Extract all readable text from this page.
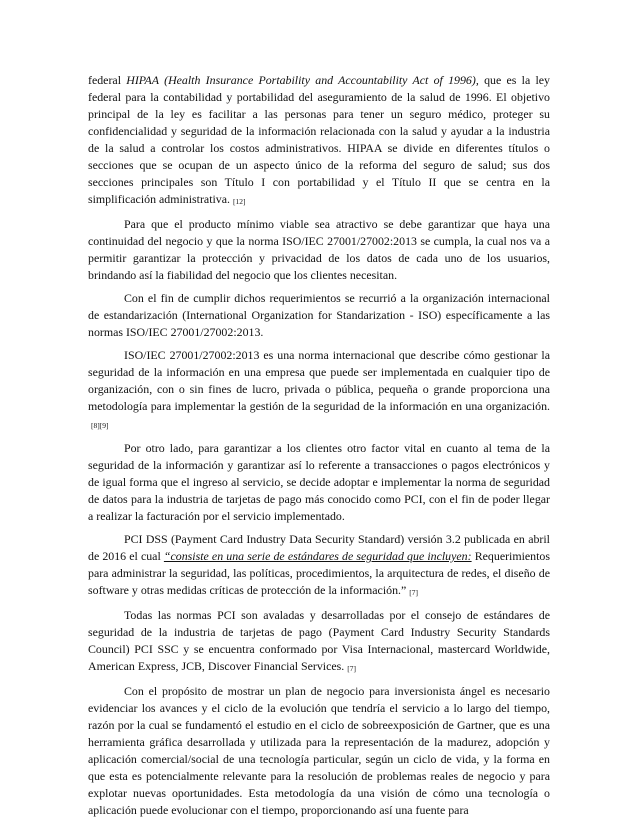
federal HIPAA (Health Insurance Portability and Accountability Act of 1996), que es la ley federal para la contabilidad y portabilidad del aseguramiento de la salud de 1996. El objetivo principal de la ley es facilitar a las personas para tener un seguro médico, proteger su confidencialidad y seguridad de la información relacionada con la salud y ayudar a la industria de la salud a controlar los costos administrativos. HIPAA se divide en diferentes títulos o secciones que se ocupan de un aspecto único de la reforma del seguro de salud; sus dos secciones principales son Título I con portabilidad y el Título II que se centra en la simplificación administrativa. [12]

Para que el producto mínimo viable sea atractivo se debe garantizar que haya una continuidad del negocio y que la norma ISO/IEC 27001/27002:2013 se cumpla, la cual nos va a permitir garantizar la protección y privacidad de los datos de cada uno de los usuarios, brindando así la fiabilidad del negocio que los clientes necesitan.

Con el fin de cumplir dichos requerimientos se recurrió a la organización internacional de estandarización (International Organization for Standarization - ISO) específicamente a las normas ISO/IEC 27001/27002:2013.

ISO/IEC 27001/27002:2013 es una norma internacional que describe cómo gestionar la seguridad de la información en una empresa que puede ser implementada en cualquier tipo de organización, con o sin fines de lucro, privada o pública, pequeña o grande proporciona una metodología para implementar la gestión de la seguridad de la información en una organización.[8][9]

Por otro lado, para garantizar a los clientes otro factor vital en cuanto al tema de la seguridad de la información y garantizar así lo referente a transacciones o pagos electrónicos y de igual forma que el ingreso al servicio, se decide adoptar e implementar la norma de seguridad de datos para la industria de tarjetas de pago más conocido como PCI, con el fin de poder llegar a realizar la facturación por el servicio implementado.

PCI DSS (Payment Card Industry Data Security Standard) versión 3.2 publicada en abril de 2016 el cual “consiste en una serie de estándares de seguridad que incluyen: Requerimientos para administrar la seguridad, las políticas, procedimientos, la arquitectura de redes, el diseño de software y otras medidas críticas de protección de la información.” [7]

Todas las normas PCI son avaladas y desarrolladas por el consejo de estándares de seguridad de la industria de tarjetas de pago (Payment Card Industry Security Standards Council) PCI SSC y se encuentra conformado por Visa Internacional, mastercard Worldwide, American Express, JCB, Discover Financial Services. [7]

Con el propósito de mostrar un plan de negocio para inversionista ángel es necesario evidenciar los avances y el ciclo de la evolución que tendría el servicio a lo largo del tiempo, razón por la cual se fundamentó el estudio en el ciclo de sobreexposición de Gartner, que es una herramienta gráfica desarrollada y utilizada para la representación de la madurez, adopción y aplicación comercial/social de una tecnología particular, según un ciclo de vida, y la forma en que esta es potencialmente relevante para la resolución de problemas reales de negocio y para explotar nuevas oportunidades. Esta metodología da una visión de cómo una tecnología o aplicación puede evolucionar con el tiempo, proporcionando así una fuente para
